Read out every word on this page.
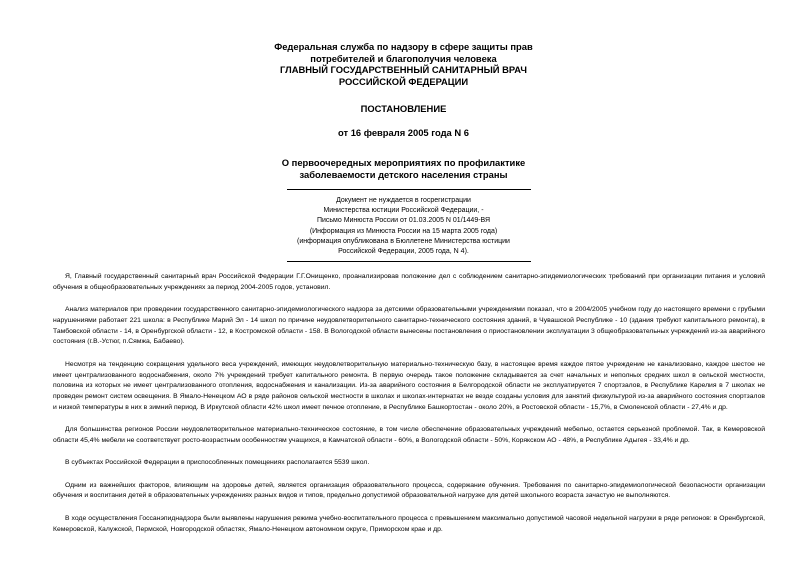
Федеральная служба по надзору в сфере защиты прав
потребителей и благополучия человека
ГЛАВНЫЙ ГОСУДАРСТВЕННЫЙ САНИТАРНЫЙ ВРАЧ
РОССИЙСКОЙ ФЕДЕРАЦИИ
ПОСТАНОВЛЕНИЕ
от 16 февраля 2005 года N 6
О первоочередных мероприятиях по профилактике
заболеваемости детского населения страны
Документ не нуждается в госрегистрации
Министерства юстиции Российской Федерации, -
Письмо Минюста России от 01.03.2005 N 01/1449-ВЯ
(Информация из Минюста России на 15 марта 2005 года)
(информация опубликована в Бюллетене Министерства юстиции
Российской Федерации, 2005 года, N 4).

Я, Главный государственный санитарный врач Российской Федерации Г.Г.Онищенко, проанализировав положение дел с соблюдением санитарно-эпидемиологических требований при организации питания и условий обучения в общеобразовательных учреждениях за период 2004-2005 годов, установил.

Анализ материалов при проведении государственного санитарно-эпидемиологического надзора за детскими образовательными учреждениями показал, что в 2004/2005 учебном году до настоящего времени с грубыми нарушениями работает 221 школа: в Республике Марий Эл - 14 школ по причине неудовлетворительного санитарно-технического состояния зданий, в Чувашской Республике - 10 (здания требуют капитального ремонта), в Тамбовской области - 14, в Оренбургской области - 12, в Костромской области - 158. В Вологодской области вынесены постановления о приостановлении эксплуатации 3 общеобразовательных учреждений из-за аварийного состояния (г.В.-Устюг, п.Сямжа, Бабаево).

Несмотря на тенденцию сокращения удельного веса учреждений, имеющих неудовлетворительную материально-техническую базу, в настоящее время каждое пятое учреждение не канализовано, каждое шестое не имеет централизованного водоснабжения, около 7% учреждений требует капитального ремонта. В первую очередь такое положение складывается за счет начальных и неполных средних школ в сельской местности, половина из которых не имеет централизованного отопления, водоснабжения и канализации. Из-за аварийного состояния в Белгородской области не эксплуатируется 7 спортзалов, в Республике Карелия в 7 школах не проведен ремонт систем освещения. В Ямало-Ненецком АО в ряде районов сельской местности в школах и школах-интернатах не везде созданы условия для занятий физкультурой из-за аварийного состояния спортзалов и низкой температуры в них в зимний период. В Иркутской области 42% школ имеет печное отопление, в Республике Башкортостан - около 20%, в Ростовской области - 15,7%, в Смоленской области - 27,4% и др.

Для большинства регионов России неудовлетворительное материально-техническое состояние, в том числе обеспечение образовательных учреждений мебелью, остается серьезной проблемой. Так, в Кемеровской области 45,4% мебели не соответствует росто-возрастным особенностям учащихся, в Камчатской области - 60%, в Вологодской области - 50%, Корякском АО - 48%, в Республике Адыгея - 33,4% и др.

В субъектах Российской Федерации в приспособленных помещениях располагается 5539 школ.

Одним из важнейших факторов, влияющим на здоровье детей, является организация образовательного процесса, содержание обучения. Требования по санитарно-эпидемиологической безопасности организации обучения и воспитания детей в образовательных учреждениях разных видов и типов, предельно допустимой образовательной нагрузке для детей школьного возраста зачастую не выполняются.

В ходе осуществления Госсанэпиднадзора были выявлены нарушения режима учебно-воспитательного процесса с превышением максимально допустимой часовой недельной нагрузки в ряде регионов: в Оренбургской, Кемеровской, Калужской, Пермской, Новгородской областях, Ямало-Ненецком автономном округе, Приморском крае и др.
